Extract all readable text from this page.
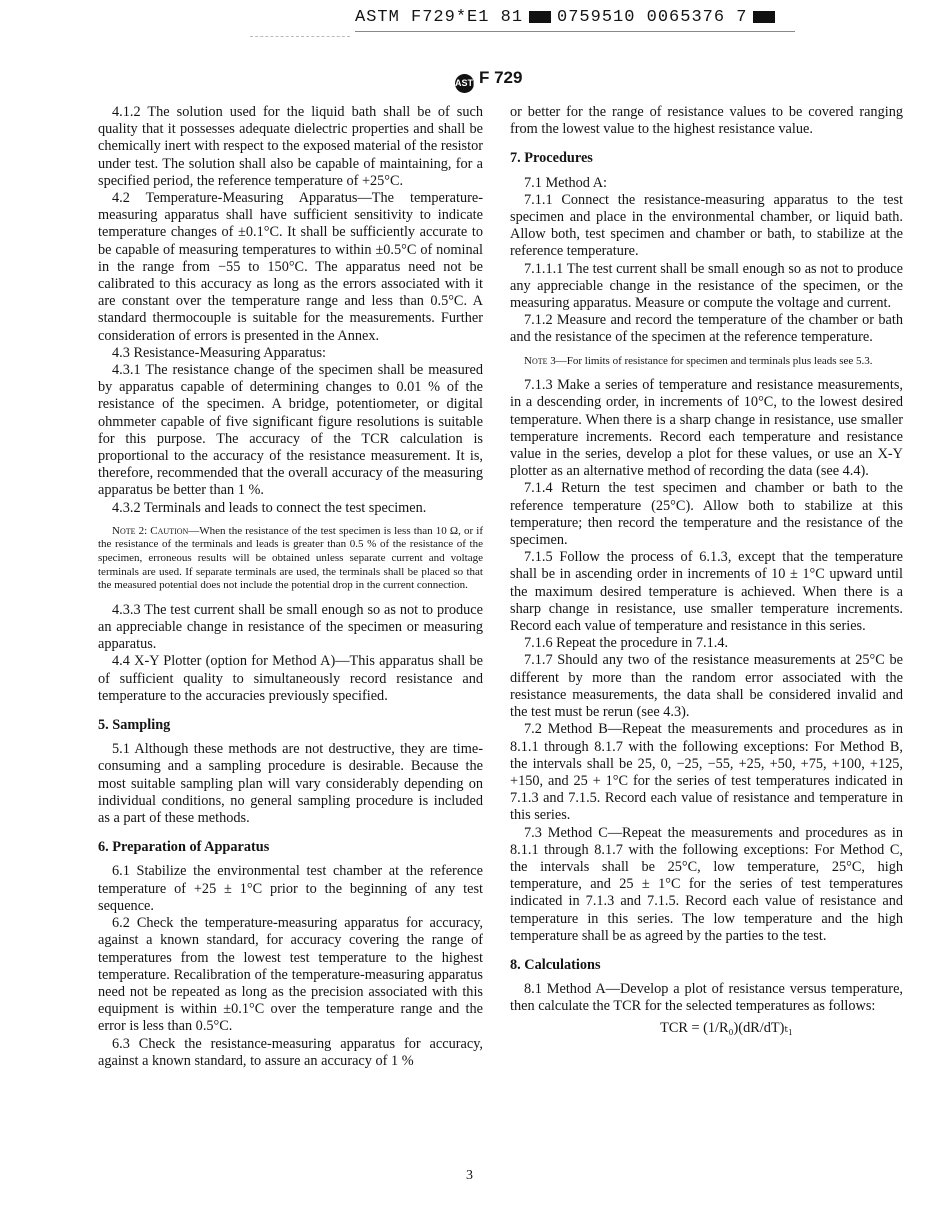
ASTM F729*E1 81 0759510 0065376 7
ASTMF 729

4.1.2 The solution used for the liquid bath shall be of such quality that it possesses adequate dielectric properties and shall be chemically inert with respect to the exposed material of the resistor under test. The solution shall also be capable of maintaining, for a specified period, the reference temperature of +25°C.

4.2 Temperature-Measuring Apparatus—The temperature-measuring apparatus shall have sufficient sensitivity to indicate temperature changes of ±0.1°C. It shall be sufficiently accurate to be capable of measuring temperatures to within ±0.5°C of nominal in the range from −55 to 150°C. The apparatus need not be calibrated to this accuracy as long as the errors associated with it are constant over the temperature range and less than 0.5°C. A standard thermocouple is suitable for the measurements. Further consideration of errors is presented in the Annex.

4.3 Resistance-Measuring Apparatus:

4.3.1 The resistance change of the specimen shall be measured by apparatus capable of determining changes to 0.01 % of the resistance of the specimen. A bridge, potentiometer, or digital ohmmeter capable of five significant figure resolutions is suitable for this purpose. The accuracy of the TCR calculation is proportional to the accuracy of the resistance measurement. It is, therefore, recommended that the overall accuracy of the measuring apparatus be better than 1 %.

4.3.2 Terminals and leads to connect the test specimen.

Note 2: Caution—When the resistance of the test specimen is less than 10 Ω, or if the resistance of the terminals and leads is greater than 0.5 % of the resistance of the specimen, erroneous results will be obtained unless separate current and voltage terminals are used. If separate terminals are used, the terminals shall be placed so that the measured potential does not include the potential drop in the current connection.

4.3.3 The test current shall be small enough so as not to produce an appreciable change in resistance of the specimen or measuring apparatus.

4.4 X-Y Plotter (option for Method A)—This apparatus shall be of sufficient quality to simultaneously record resistance and temperature to the accuracies previously specified.

5. Sampling

5.1 Although these methods are not destructive, they are time-consuming and a sampling procedure is desirable. Because the most suitable sampling plan will vary considerably depending on individual conditions, no general sampling procedure is included as a part of these methods.

6. Preparation of Apparatus

6.1 Stabilize the environmental test chamber at the reference temperature of +25 ± 1°C prior to the beginning of any test sequence.

6.2 Check the temperature-measuring apparatus for accuracy, against a known standard, for accuracy covering the range of temperatures from the lowest test temperature to the highest temperature. Recalibration of the temperature-measuring apparatus need not be repeated as long as the precision associated with this equipment is within ±0.1°C over the temperature range and the error is less than 0.5°C.

6.3 Check the resistance-measuring apparatus for accuracy, against a known standard, to assure an accuracy of 1 %

or better for the range of resistance values to be covered ranging from the lowest value to the highest resistance value.

7. Procedures

7.1 Method A:

7.1.1 Connect the resistance-measuring apparatus to the test specimen and place in the environmental chamber, or liquid bath. Allow both, test specimen and chamber or bath, to stabilize at the reference temperature.

7.1.1.1 The test current shall be small enough so as not to produce any appreciable change in the resistance of the specimen, or the measuring apparatus. Measure or compute the voltage and current.

7.1.2 Measure and record the temperature of the chamber or bath and the resistance of the specimen at the reference temperature.

Note 3—For limits of resistance for specimen and terminals plus leads see 5.3.

7.1.3 Make a series of temperature and resistance measurements, in a descending order, in increments of 10°C, to the lowest desired temperature. When there is a sharp change in resistance, use smaller temperature increments. Record each temperature and resistance value in the series, develop a plot for these values, or use an X-Y plotter as an alternative method of recording the data (see 4.4).

7.1.4 Return the test specimen and chamber or bath to the reference temperature (25°C). Allow both to stabilize at this temperature; then record the temperature and the resistance of the specimen.

7.1.5 Follow the process of 6.1.3, except that the temperature shall be in ascending order in increments of 10 ± 1°C upward until the maximum desired temperature is achieved. When there is a sharp change in resistance, use smaller temperature increments. Record each value of temperature and resistance in this series.

7.1.6 Repeat the procedure in 7.1.4.

7.1.7 Should any two of the resistance measurements at 25°C be different by more than the random error associated with the resistance measurements, the data shall be considered invalid and the test must be rerun (see 4.3).

7.2 Method B—Repeat the measurements and procedures as in 8.1.1 through 8.1.7 with the following exceptions: For Method B, the intervals shall be 25, 0, −25, −55, +25, +50, +75, +100, +125, +150, and 25 + 1°C for the series of test temperatures indicated in 7.1.3 and 7.1.5. Record each value of resistance and temperature in this series.

7.3 Method C—Repeat the measurements and procedures as in 8.1.1 through 8.1.7 with the following exceptions: For Method C, the intervals shall be 25°C, low temperature, 25°C, high temperature, and 25 ± 1°C for the series of test temperatures indicated in 7.1.3 and 7.1.5. Record each value of resistance and temperature in this series. The low temperature and the high temperature shall be as agreed by the parties to the test.

8. Calculations

8.1 Method A—Develop a plot of resistance versus temperature, then calculate the TCR for the selected temperatures as follows:

TCR = (1/R₀)(dR/dT)ₜ₁
3
